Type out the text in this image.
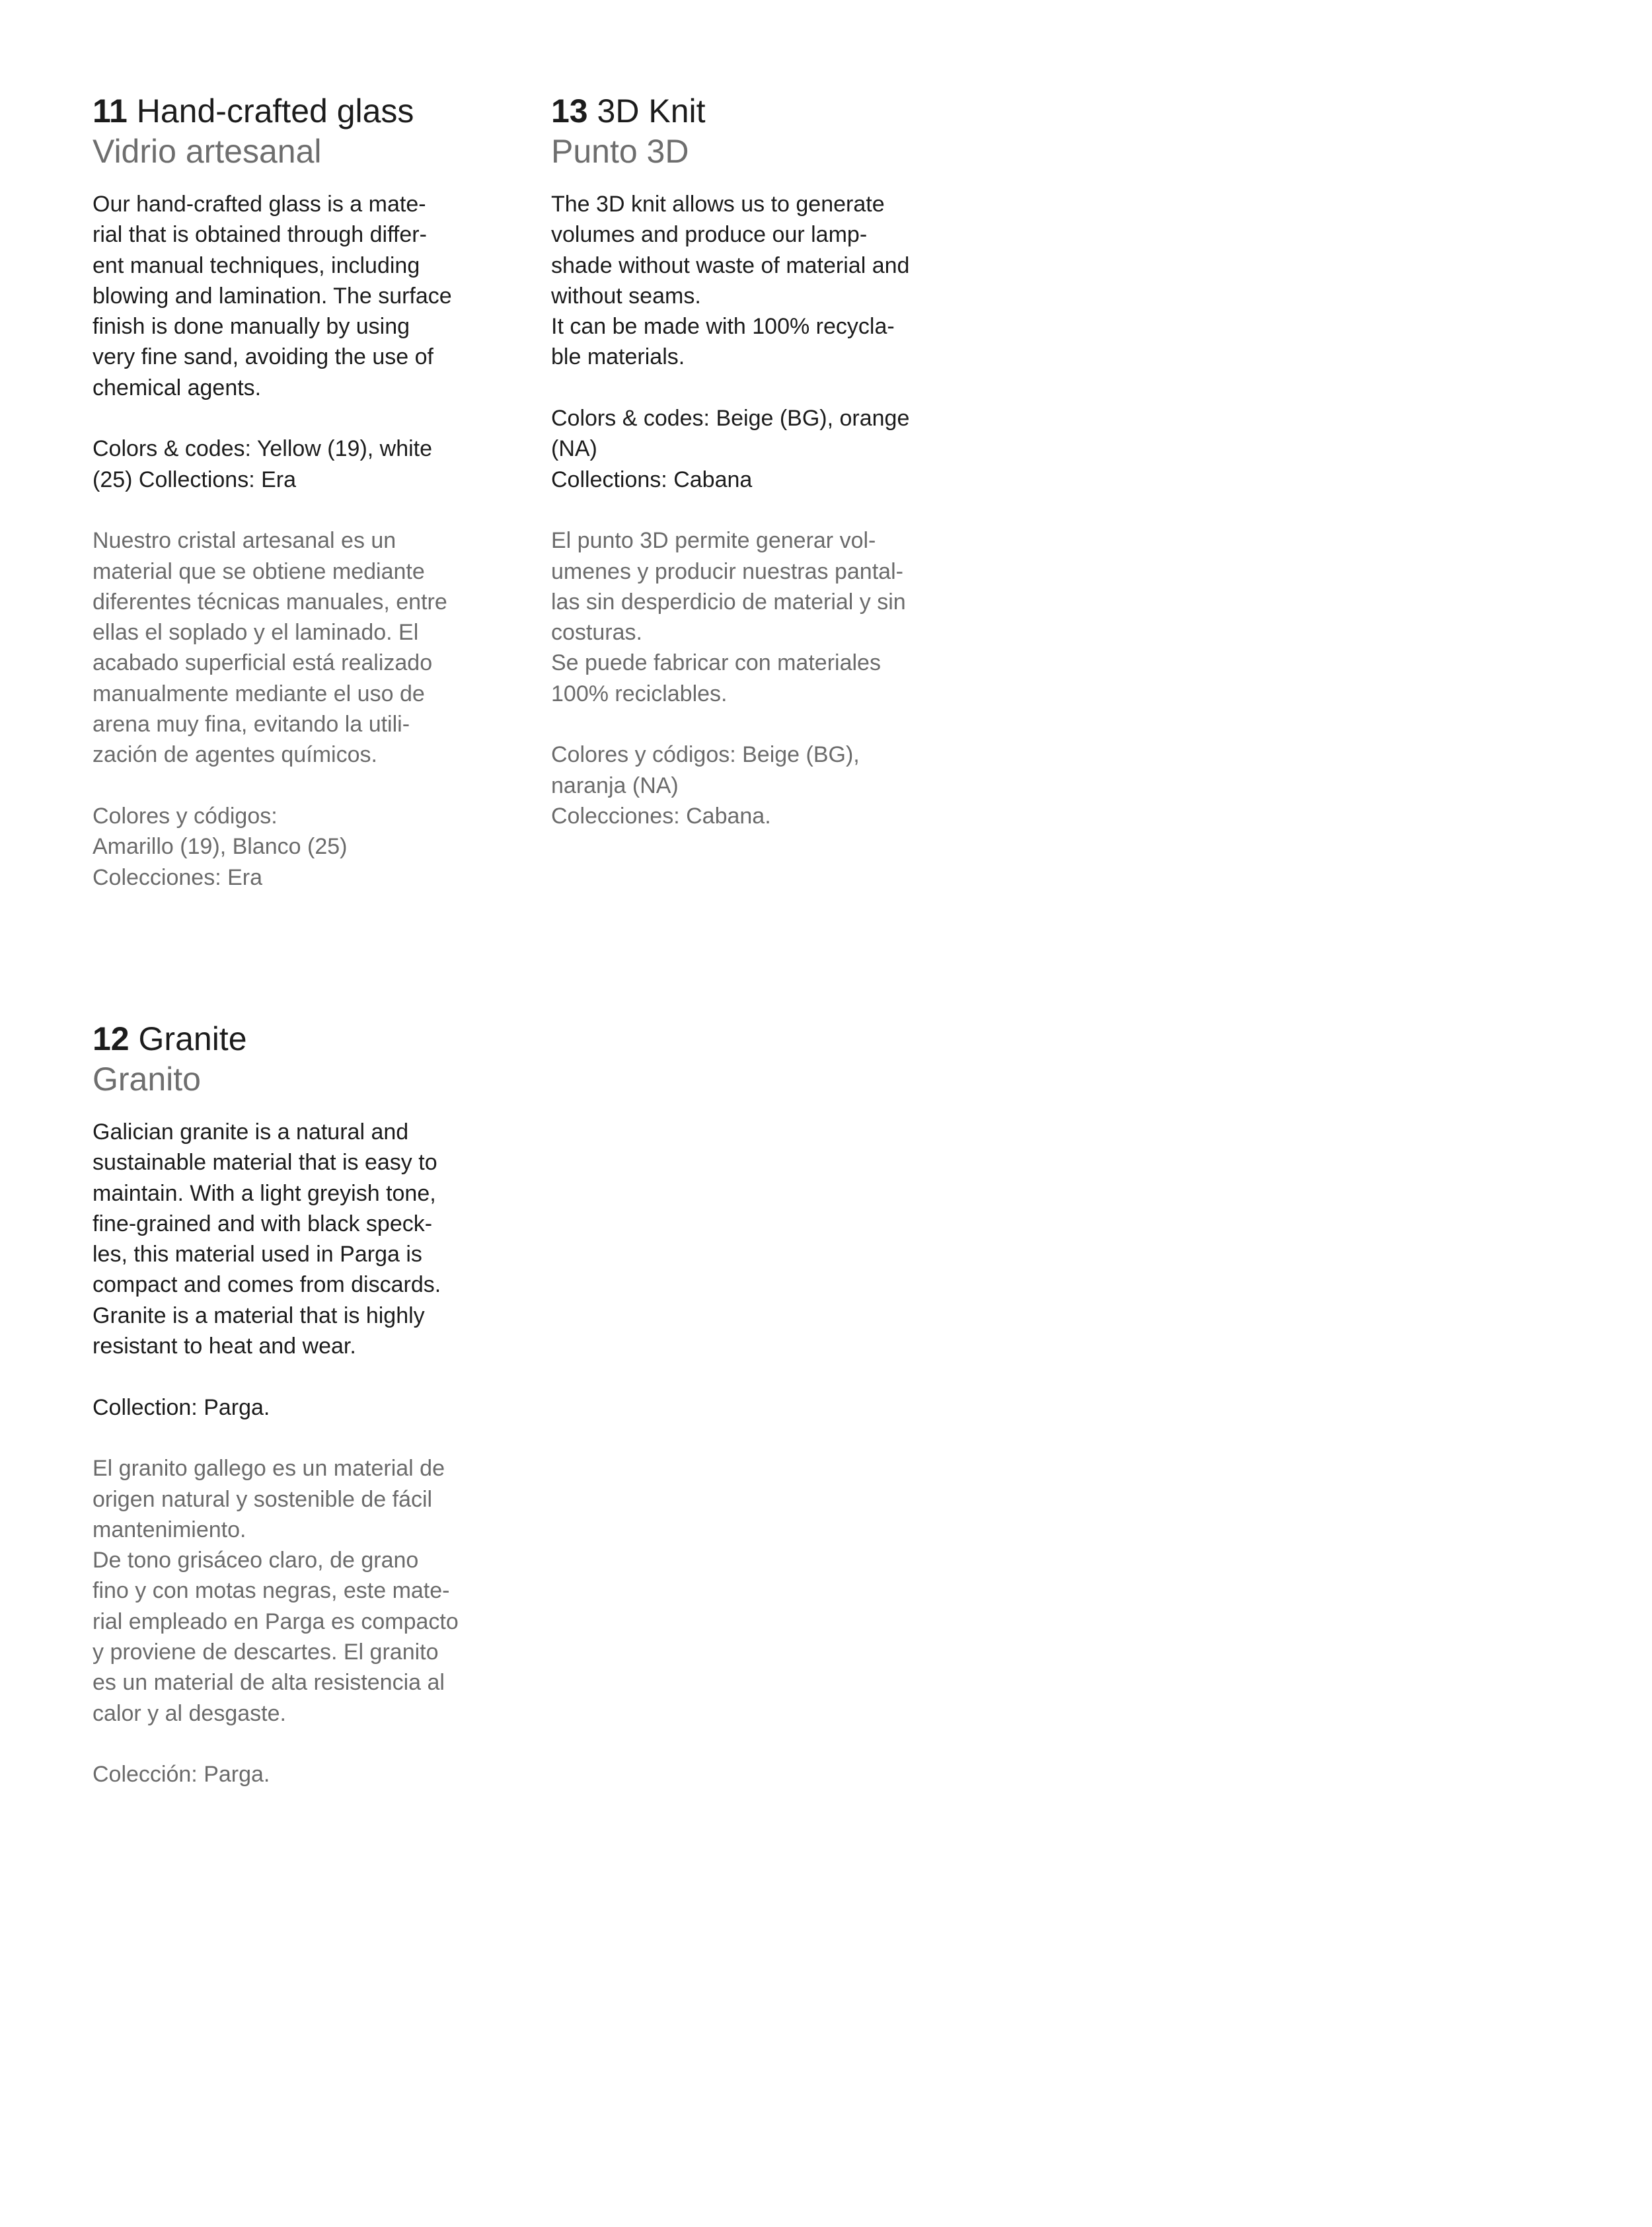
11 Hand-crafted glass
Vidrio artesanal
Our hand-crafted glass is a mate-
rial that is obtained through differ-
ent manual techniques, including
blowing and lamination. The surface
finish is done manually by using
very fine sand, avoiding the use of
chemical agents.
Colors & codes: Yellow (19), white
(25) Collections: Era
Nuestro cristal artesanal es un
material que se obtiene mediante
diferentes técnicas manuales, entre
ellas el soplado y el laminado. El
acabado superficial está realizado
manualmente mediante el uso de
arena muy fina, evitando la utili-
zación de agentes químicos.
Colores y códigos:
Amarillo (19), Blanco (25)
Colecciones: Era
13 3D Knit
Punto 3D
The 3D knit allows us to generate
volumes and produce our lamp-
shade without waste of material and
without seams.
It can be made with 100% recycla-
ble materials.
Colors & codes: Beige (BG), orange
(NA)
Collections: Cabana
El punto 3D permite generar vol-
umenes y producir nuestras pantal-
las sin desperdicio de material y sin
costuras.
Se puede fabricar con materiales
100% reciclables.
Colores y códigos: Beige (BG),
naranja (NA)
Colecciones: Cabana.
12 Granite
Granito
Galician granite is a natural and
sustainable material that is easy to
maintain. With a light greyish tone,
fine-grained and with black speck-
les, this material used in Parga is
compact and comes from discards.
Granite is a material that is highly
resistant to heat and wear.
Collection: Parga.
El granito gallego es un material de
origen natural y sostenible de fácil
mantenimiento.
De tono grisáceo claro, de grano
fino y con motas negras, este mate-
rial empleado en Parga es compacto
y proviene de descartes. El granito
es un material de alta resistencia al
calor y al desgaste.
Colección: Parga.
